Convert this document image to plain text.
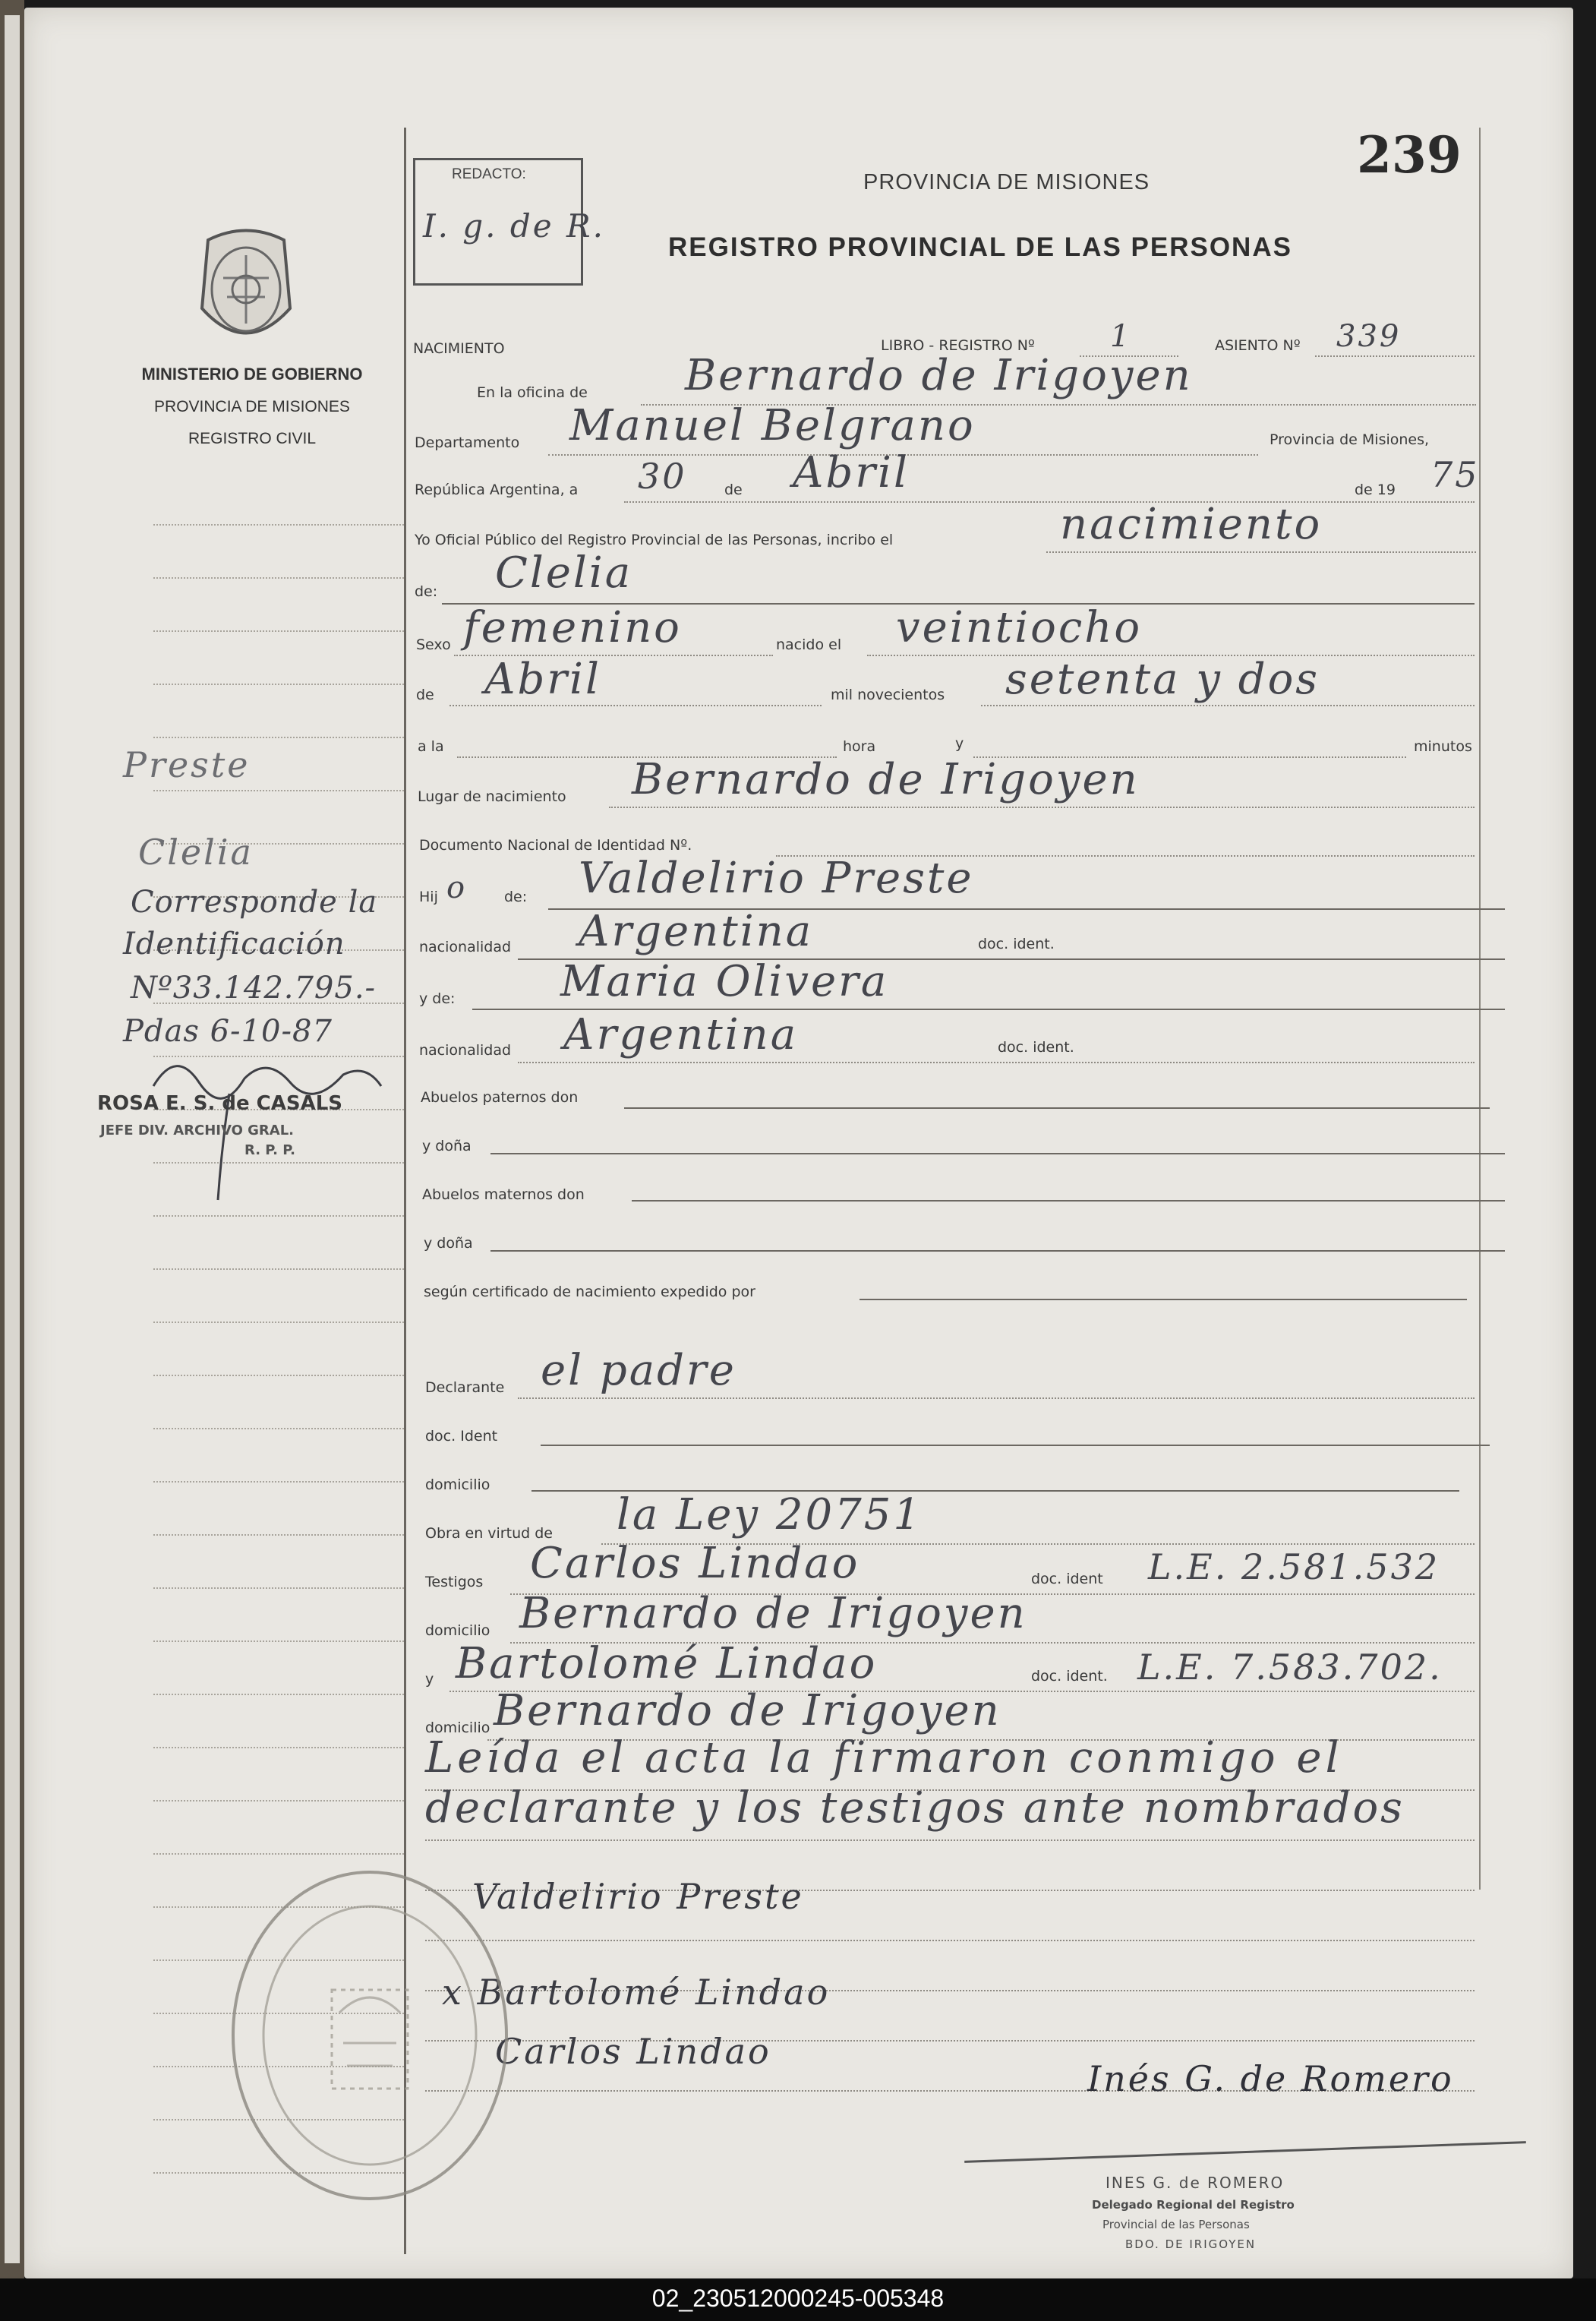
239
PROVINCIA DE MISIONES
REGISTRO PROVINCIAL DE LAS PERSONAS
REDACTO:
I. g. de R.
MINISTERIO DE GOBIERNO
PROVINCIA DE MISIONES
REGISTRO CIVIL
Preste
Clelia
Corresponde la
Identificación
Nº33.142.795.-
Pdas 6-10-87
ROSA E. S. de CASALS
JEFE DIV. ARCHIVO GRAL.
R. P. P.
NACIMIENTO	LIBRO - REGISTRO Nº 1	ASIENTO Nº 339
En la oficina de Bernardo de Irigoyen
Departamento Manuel Belgrano	Provincia de Misiones,
República Argentina, a 30	de Abril	de 19 75
Yo Oficial Público del Registro Provincial de las Personas, incribo el	nacimiento
de: Clelia
Sexo femenino	nacido el veintiocho
de Abril	mil novecientos setenta y dos
a la	hora	y	minutos
Lugar de nacimiento Bernardo de Irigoyen
Documento Nacional de Identidad Nº.
Hij o	de: Valdelirio Preste
nacionalidad Argentina	doc. ident.
y de: Maria Olivera
nacionalidad Argentina	doc. ident.
Abuelos paternos don
y doña
Abuelos maternos don
y doña
según certificado de nacimiento expedido por
Declarante el padre
doc. Ident
domicilio
Obra en virtud de la Ley 20751
Testigos Carlos Lindao	doc. ident L.E. 2.581.532
domicilio Bernardo de Irigoyen
y Bartolomé Lindao	doc. ident. L.E. 7.583.702.
domicilio Bernardo de Irigoyen
Leída el acta la firmaron conmigo el
declarante y los testigos ante nombrados
Valdelirio Preste
x Bartolomé Lindao
Carlos Lindao
Inés G. de Romero
INES G. de ROMERO
Delegado Regional del Registro
Provincial de las Personas
BDO. DE IRIGOYEN
02_230512000245-005348
